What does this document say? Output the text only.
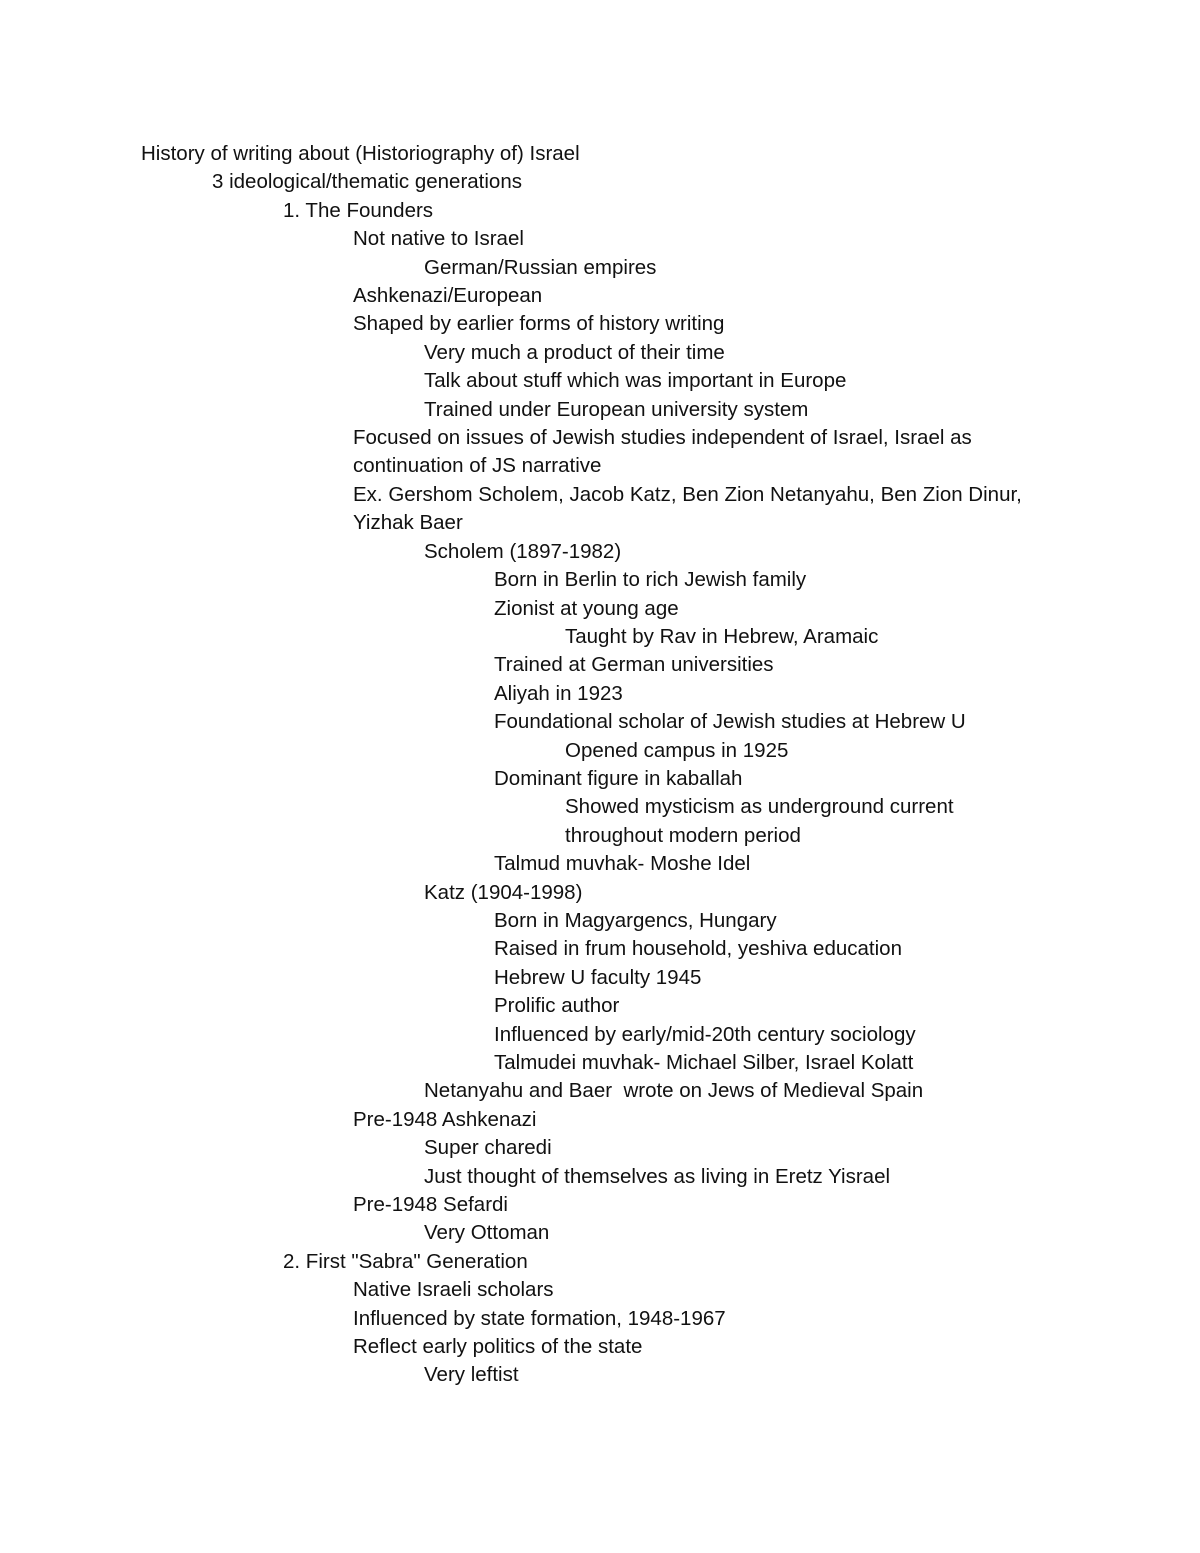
History of writing about (Historiography of) Israel
3 ideological/thematic generations
1. The Founders
Not native to Israel
German/Russian empires
Ashkenazi/European
Shaped by earlier forms of history writing
Very much a product of their time
Talk about stuff which was important in Europe
Trained under European university system
Focused on issues of Jewish studies independent of Israel, Israel as
continuation of JS narrative
Ex. Gershom Scholem, Jacob Katz, Ben Zion Netanyahu, Ben Zion Dinur,
Yizhak Baer
Scholem (1897-1982)
Born in Berlin to rich Jewish family
Zionist at young age
Taught by Rav in Hebrew, Aramaic
Trained at German universities
Aliyah in 1923
Foundational scholar of Jewish studies at Hebrew U
Opened campus in 1925
Dominant figure in kaballah
Showed mysticism as underground current
throughout modern period
Talmud muvhak- Moshe Idel
Katz (1904-1998)
Born in Magyargencs, Hungary
Raised in frum household, yeshiva education
Hebrew U faculty 1945
Prolific author
Influenced by early/mid-20th century sociology
Talmudei muvhak- Michael Silber, Israel Kolatt
Netanyahu and Baer  wrote on Jews of Medieval Spain
Pre-1948 Ashkenazi
Super charedi
Just thought of themselves as living in Eretz Yisrael
Pre-1948 Sefardi
Very Ottoman
2. First "Sabra" Generation
Native Israeli scholars
Influenced by state formation, 1948-1967
Reflect early politics of the state
Very leftist
